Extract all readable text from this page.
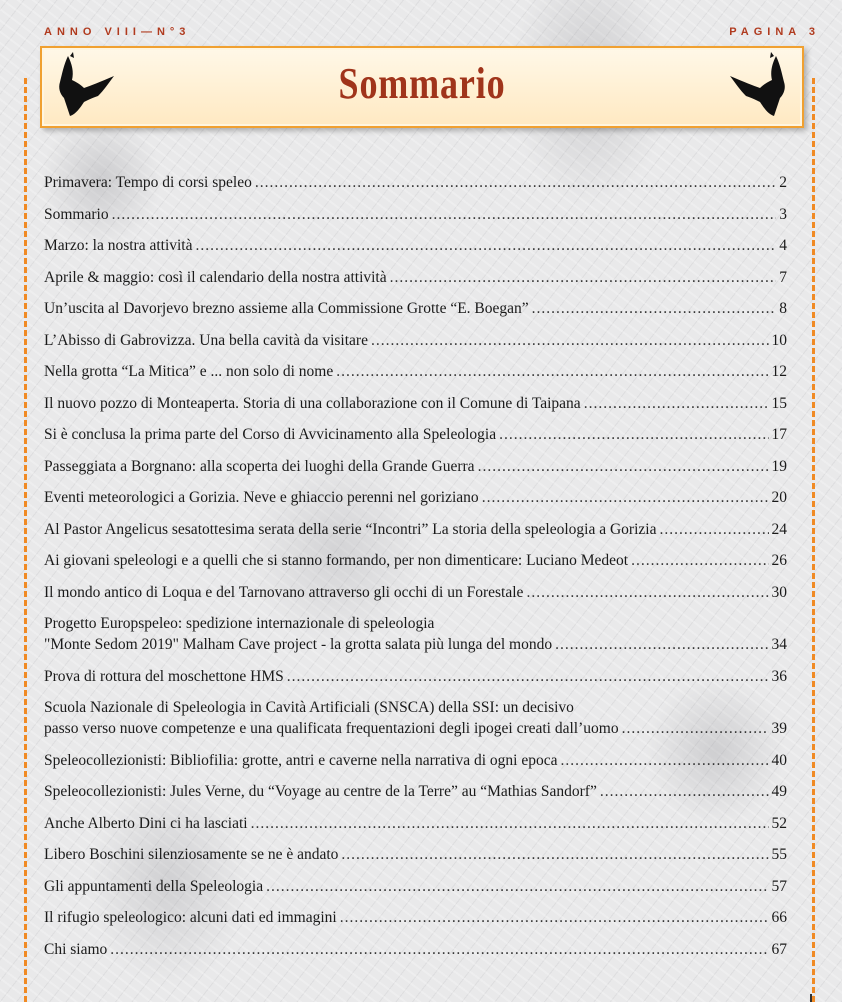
ANNO VIII—N°3	PAGINA 3
Sommario
Primavera: Tempo di corsi speleo .....	2
Sommario .....	3
Marzo: la nostra attività .....	4
Aprile & maggio: così il calendario della nostra attività .....	7
Un’uscita al Davorjevo brezno assieme alla Commissione Grotte “E. Boegan” .....	8
L’Abisso di Gabrovizza. Una bella cavità da visitare .....	10
Nella grotta “La Mitica” e ... non solo di nome .....	12
Il nuovo pozzo di Monteaperta. Storia di una collaborazione con il Comune di Taipana .....	15
Si è conclusa la prima parte del Corso di Avvicinamento alla Speleologia .....	17
Passeggiata a Borgnano: alla scoperta dei luoghi della Grande Guerra .....	19
Eventi meteorologici a Gorizia. Neve e ghiaccio perenni nel goriziano .....	20
Al Pastor Angelicus sesatottesima serata della serie “Incontri” La storia della speleologia a Gorizia .....	24
Ai giovani speleologi e a quelli che si stanno formando, per non dimenticare: Luciano Medeot .....	26
Il mondo antico di Loqua e del Tarnovano attraverso gli occhi di un Forestale .....	30
Progetto Europspeleo: spedizione internazionale di speleologia
"Monte Sedom 2019" Malham Cave project - la grotta salata più lunga del mondo .....	34
Prova di rottura del moschettone HMS .....	36
Scuola Nazionale di Speleologia in Cavità Artificiali (SNSCA) della SSI: un decisivo
passo verso nuove competenze e una qualificata frequentazioni degli ipogei creati dall’uomo .....	39
Speleocollezionisti: Bibliofilia: grotte, antri e caverne nella narrativa di ogni epoca .....	40
Speleocollezionisti: Jules Verne, du “Voyage au centre de la Terre” au “Mathias Sandorf” .....	49
Anche Alberto Dini ci ha lasciati .....	52
Libero Boschini silenziosamente se ne è andato .....	55
Gli appuntamenti della Speleologia .....	57
Il rifugio speleologico: alcuni dati ed immagini .....	66
Chi siamo .....	67
